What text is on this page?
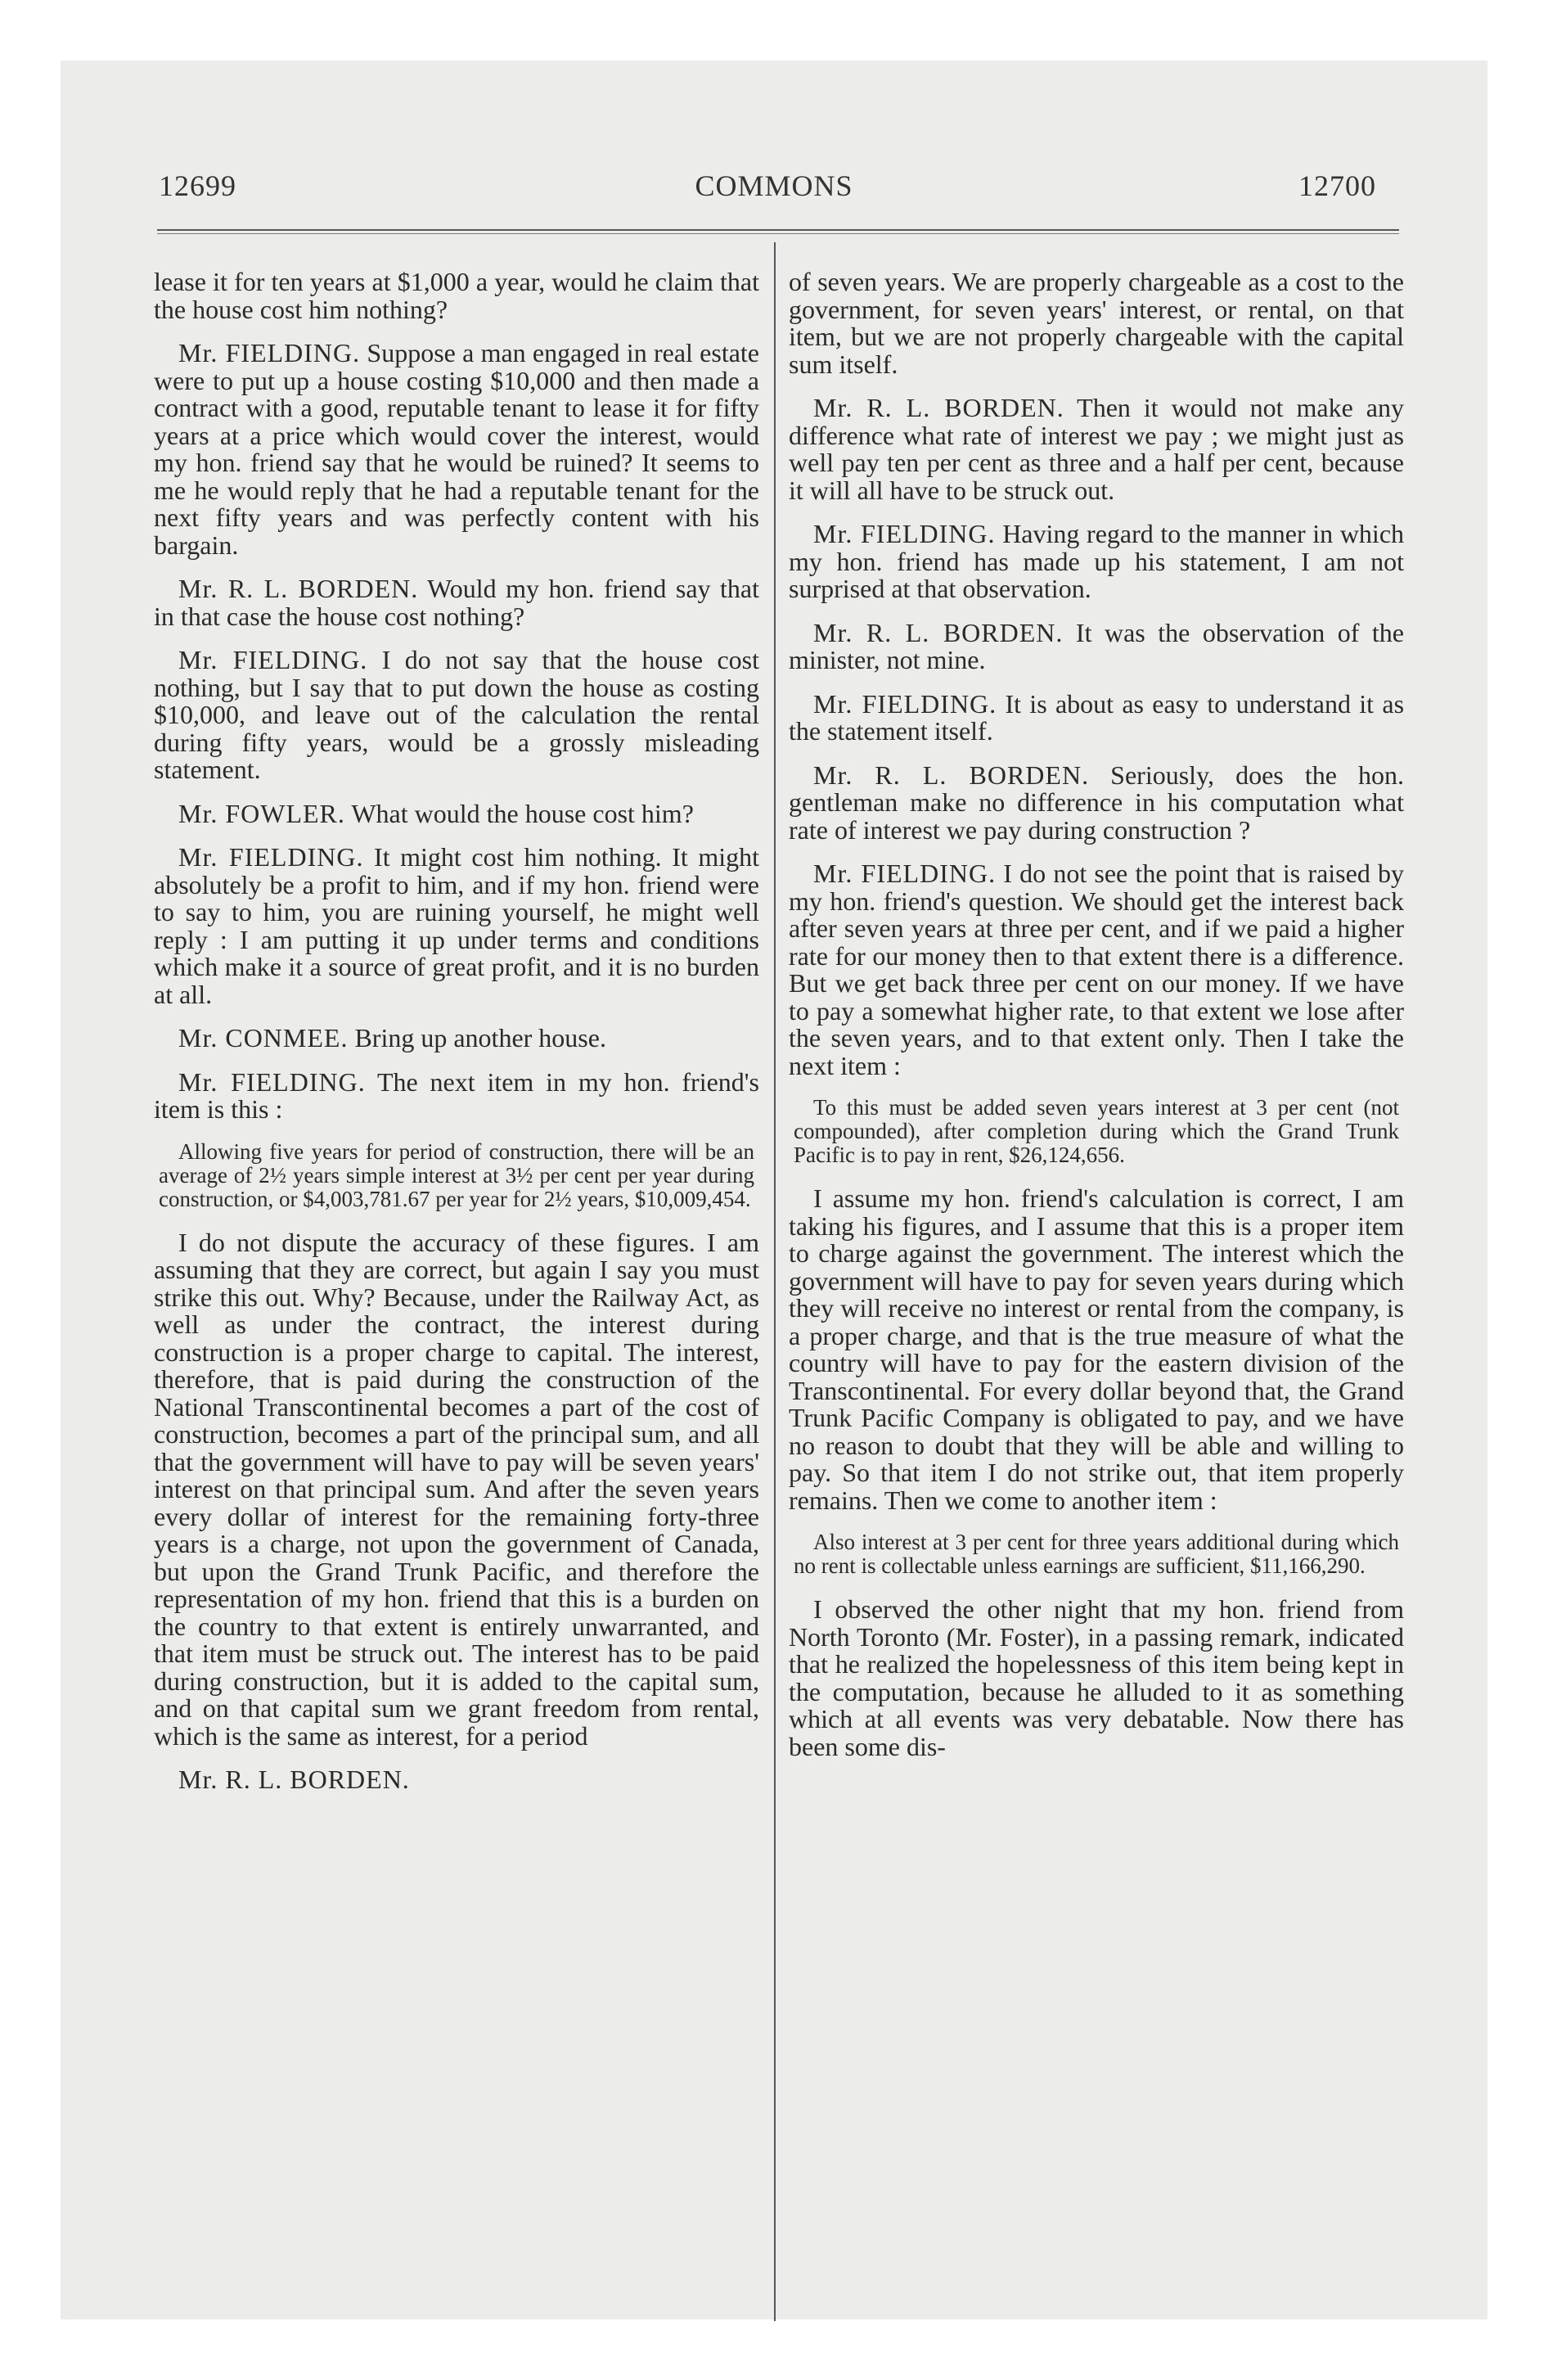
12699	COMMONS	12700

lease it for ten years at $1,000 a year, would he claim that the house cost him nothing?

Mr. FIELDING. Suppose a man engaged in real estate were to put up a house costing $10,000 and then made a contract with a good, reputable tenant to lease it for fifty years at a price which would cover the interest, would my hon. friend say that he would be ruined? It seems to me he would reply that he had a reputable tenant for the next fifty years and was perfectly content with his bargain.

Mr. R. L. BORDEN. Would my hon. friend say that in that case the house cost nothing?

Mr. FIELDING. I do not say that the house cost nothing, but I say that to put down the house as costing $10,000, and leave out of the calculation the rental during fifty years, would be a grossly misleading statement.

Mr. FOWLER. What would the house cost him?

Mr. FIELDING. It might cost him nothing. It might absolutely be a profit to him, and if my hon. friend were to say to him, you are ruining yourself, he might well reply : I am putting it up under terms and conditions which make it a source of great profit, and it is no burden at all.

Mr. CONMEE. Bring up another house.

Mr. FIELDING. The next item in my hon. friend's item is this :

Allowing five years for period of construction, there will be an average of 2½ years simple interest at 3½ per cent per year during construction, or $4,003,781.67 per year for 2½ years, $10,009,454.

I do not dispute the accuracy of these figures. I am assuming that they are correct, but again I say you must strike this out. Why? Because, under the Railway Act, as well as under the contract, the interest during construction is a proper charge to capital. The interest, therefore, that is paid during the construction of the National Transcontinental becomes a part of the cost of construction, becomes a part of the principal sum, and all that the government will have to pay will be seven years' interest on that principal sum. And after the seven years every dollar of interest for the remaining forty-three years is a charge, not upon the government of Canada, but upon the Grand Trunk Pacific, and therefore the representation of my hon. friend that this is a burden on the country to that extent is entirely unwarranted, and that item must be struck out. The interest has to be paid during construction, but it is added to the capital sum, and on that capital sum we grant freedom from rental, which is the same as interest, for a period

Mr. R. L. BORDEN.

of seven years. We are properly chargeable as a cost to the government, for seven years' interest, or rental, on that item, but we are not properly chargeable with the capital sum itself.

Mr. R. L. BORDEN. Then it would not make any difference what rate of interest we pay ; we might just as well pay ten per cent as three and a half per cent, because it will all have to be struck out.

Mr. FIELDING. Having regard to the manner in which my hon. friend has made up his statement, I am not surprised at that observation.

Mr. R. L. BORDEN. It was the observation of the minister, not mine.

Mr. FIELDING. It is about as easy to understand it as the statement itself.

Mr. R. L. BORDEN. Seriously, does the hon. gentleman make no difference in his computation what rate of interest we pay during construction ?

Mr. FIELDING. I do not see the point that is raised by my hon. friend's question. We should get the interest back after seven years at three per cent, and if we paid a higher rate for our money then to that extent there is a difference. But we get back three per cent on our money. If we have to pay a somewhat higher rate, to that extent we lose after the seven years, and to that extent only. Then I take the next item :

To this must be added seven years interest at 3 per cent (not compounded), after completion during which the Grand Trunk Pacific is to pay in rent, $26,124,656.

I assume my hon. friend's calculation is correct, I am taking his figures, and I assume that this is a proper item to charge against the government. The interest which the government will have to pay for seven years during which they will receive no interest or rental from the company, is a proper charge, and that is the true measure of what the country will have to pay for the eastern division of the Transcontinental. For every dollar beyond that, the Grand Trunk Pacific Company is obligated to pay, and we have no reason to doubt that they will be able and willing to pay. So that item I do not strike out, that item properly remains. Then we come to another item :

Also interest at 3 per cent for three years additional during which no rent is collectable unless earnings are sufficient, $11,166,290.

I observed the other night that my hon. friend from North Toronto (Mr. Foster), in a passing remark, indicated that he realized the hopelessness of this item being kept in the computation, because he alluded to it as something which at all events was very debatable. Now there has been some dis-
